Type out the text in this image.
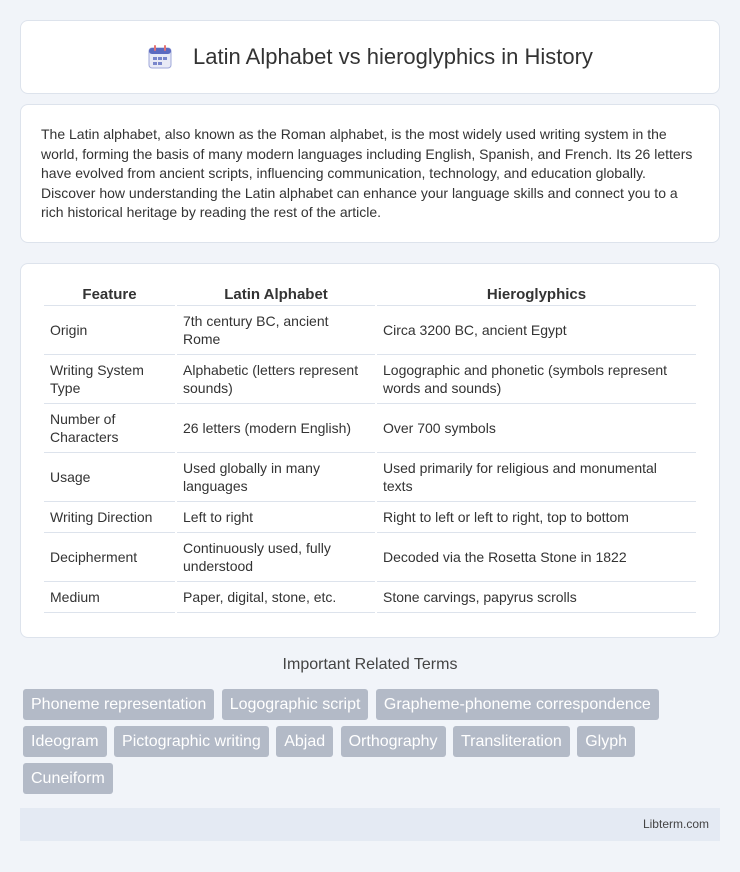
Latin Alphabet vs hieroglyphics in History

The Latin alphabet, also known as the Roman alphabet, is the most widely used writing system in the world, forming the basis of many modern languages including English, Spanish, and French. Its 26 letters have evolved from ancient scripts, influencing communication, technology, and education globally. Discover how understanding the Latin alphabet can enhance your language skills and connect you to a rich historical heritage by reading the rest of the article.

Feature	Latin Alphabet	Hieroglyphics
Origin	7th century BC, ancient Rome	Circa 3200 BC, ancient Egypt
Writing System Type	Alphabetic (letters represent sounds)	Logographic and phonetic (symbols represent words and sounds)
Number of Characters	26 letters (modern English)	Over 700 symbols
Usage	Used globally in many languages	Used primarily for religious and monumental texts
Writing Direction	Left to right	Right to left or left to right, top to bottom
Decipherment	Continuously used, fully understood	Decoded via the Rosetta Stone in 1822
Medium	Paper, digital, stone, etc.	Stone carvings, papyrus scrolls
Important Related Terms
Phoneme representation Logographic script Grapheme-phoneme correspondence Ideogram Pictographic writing Abjad Orthography Transliteration Glyph Cuneiform
Libterm.com
